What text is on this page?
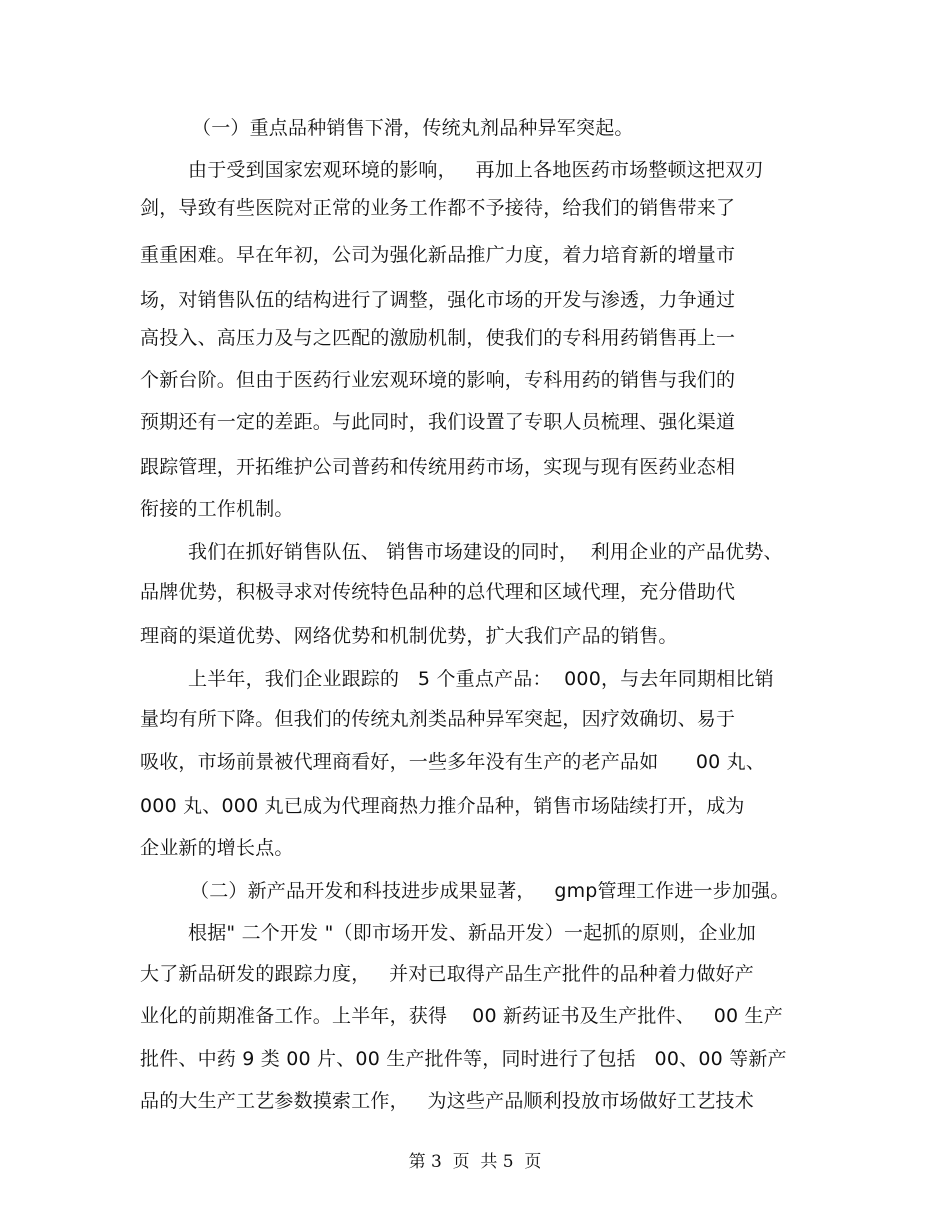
（一）重点品种销售下滑，传统丸剂品种异军突起。
由于受到国家宏观环境的影响，   再加上各地医药市场整顿这把双刃
剑，导致有些医院对正常的业务工作都不予接待，给我们的销售带来了
重重困难。早在年初，公司为强化新品推广力度，着力培育新的增量市
场，对销售队伍的结构进行了调整，强化市场的开发与渗透，力争通过
高投入、高压力及与之匹配的激励机制，使我们的专科用药销售再上一
个新台阶。但由于医药行业宏观环境的影响，专科用药的销售与我们的
预期还有一定的差距。与此同时，我们设置了专职人员梳理、强化渠道
跟踪管理，开拓维护公司普药和传统用药市场，实现与现有医药业态相
衔接的工作机制。
我们在抓好销售队伍、 销售市场建设的同时，  利用企业的产品优势、
品牌优势，积极寻求对传统特色品种的总代理和区域代理，充分借助代
理商的渠道优势、网络优势和机制优势，扩大我们产品的销售。
上半年，我们企业跟踪的   5 个重点产品：  000，与去年同期相比销
量均有所下降。但我们的传统丸剂类品种异军突起，因疗效确切、易于
吸收，市场前景被代理商看好，一些多年没有生产的老产品如      00 丸、
000 丸、000 丸已成为代理商热力推介品种，销售市场陆续打开，成为
企业新的增长点。
（二）新产品开发和科技进步成果显著，   gmp管理工作进一步加强。
根据" 二个开发 "（即市场开发、新品开发）一起抓的原则，企业加
大了新品研发的跟踪力度，   并对已取得产品生产批件的品种着力做好产
业化的前期准备工作。上半年，获得    00 新药证书及生产批件、   00 生产
批件、中药 9 类 00 片、00 生产批件等，同时进行了包括   00、00 等新产
品的大生产工艺参数摸索工作，   为这些产品顺利投放市场做好工艺技术
第 3  页  共 5  页
